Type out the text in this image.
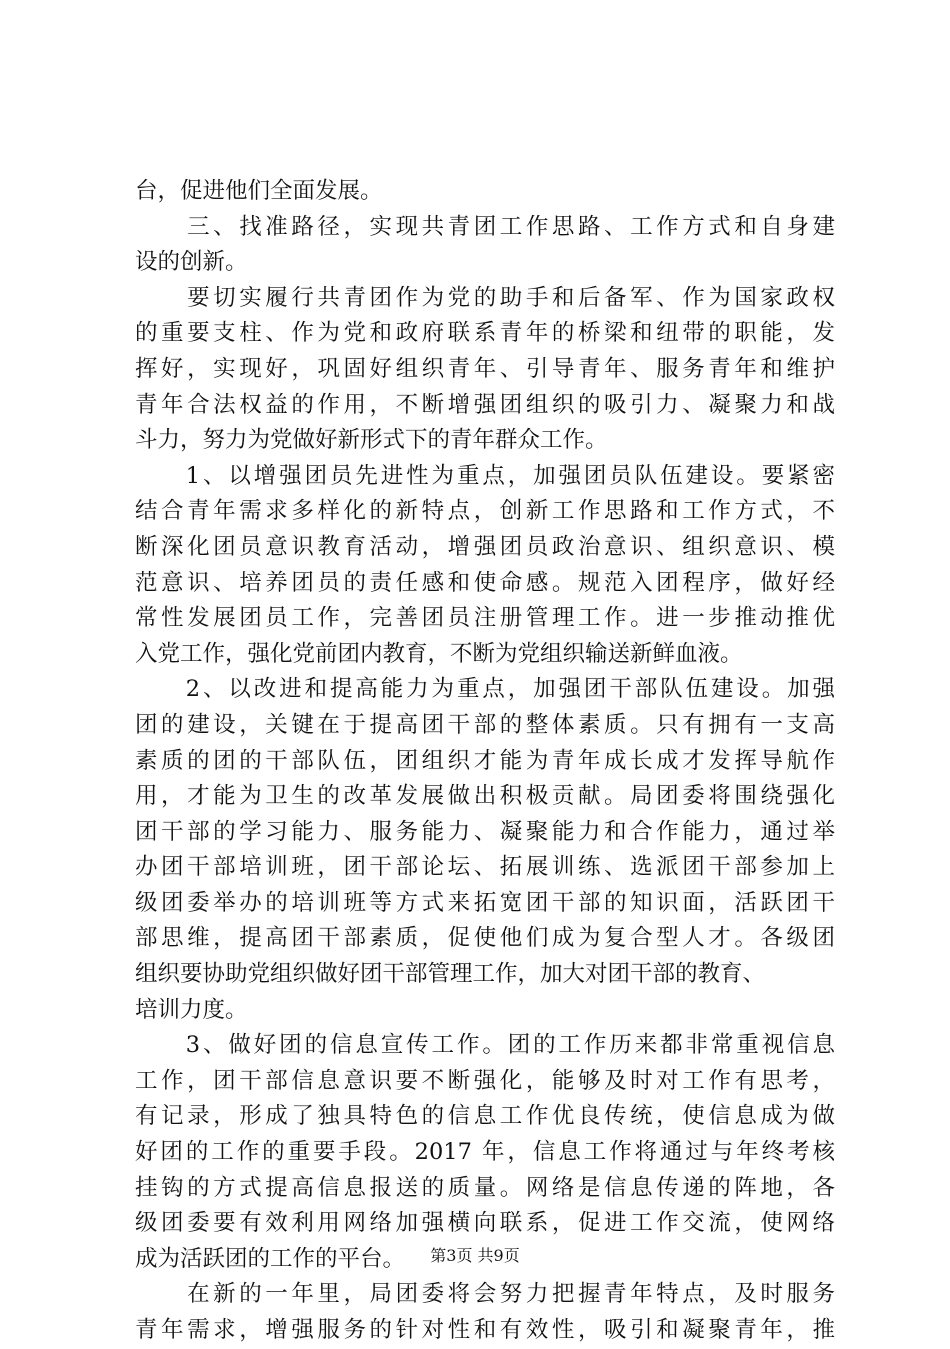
台，促进他们全面发展。
　　三、找准路径，实现共青团工作思路、工作方式和自身建
设的创新。
　　要切实履行共青团作为党的助手和后备军、作为国家政权
的重要支柱、作为党和政府联系青年的桥梁和纽带的职能，发
挥好，实现好，巩固好组织青年、引导青年、服务青年和维护
青年合法权益的作用，不断增强团组织的吸引力、凝聚力和战
斗力，努力为党做好新形式下的青年群众工作。
　　1、以增强团员先进性为重点，加强团员队伍建设。要紧密
结合青年需求多样化的新特点，创新工作思路和工作方式，不
断深化团员意识教育活动，增强团员政治意识、组织意识、模
范意识、培养团员的责任感和使命感。规范入团程序，做好经
常性发展团员工作，完善团员注册管理工作。进一步推动推优
入党工作，强化党前团内教育，不断为党组织输送新鲜血液。
　　2、以改进和提高能力为重点，加强团干部队伍建设。加强
团的建设，关键在于提高团干部的整体素质。只有拥有一支高
素质的团的干部队伍，团组织才能为青年成长成才发挥导航作
用，才能为卫生的改革发展做出积极贡献。局团委将围绕强化
团干部的学习能力、服务能力、凝聚能力和合作能力，通过举
办团干部培训班，团干部论坛、拓展训练、选派团干部参加上
级团委举办的培训班等方式来拓宽团干部的知识面，活跃团干
部思维，提高团干部素质，促使他们成为复合型人才。各级团
组织要协助党组织做好团干部管理工作，加大对团干部的教育、
培训力度。
　　3、做好团的信息宣传工作。团的工作历来都非常重视信息
工作，团干部信息意识要不断强化，能够及时对工作有思考，
有记录，形成了独具特色的信息工作优良传统，使信息成为做
好团的工作的重要手段。2017 年，信息工作将通过与年终考核
挂钩的方式提高信息报送的质量。网络是信息传递的阵地，各
级团委要有效利用网络加强横向联系，促进工作交流，使网络
成为活跃团的工作的平台。
　　在新的一年里，局团委将会努力把握青年特点，及时服务
青年需求，增强服务的针对性和有效性，吸引和凝聚青年，推
第3页 共9页
